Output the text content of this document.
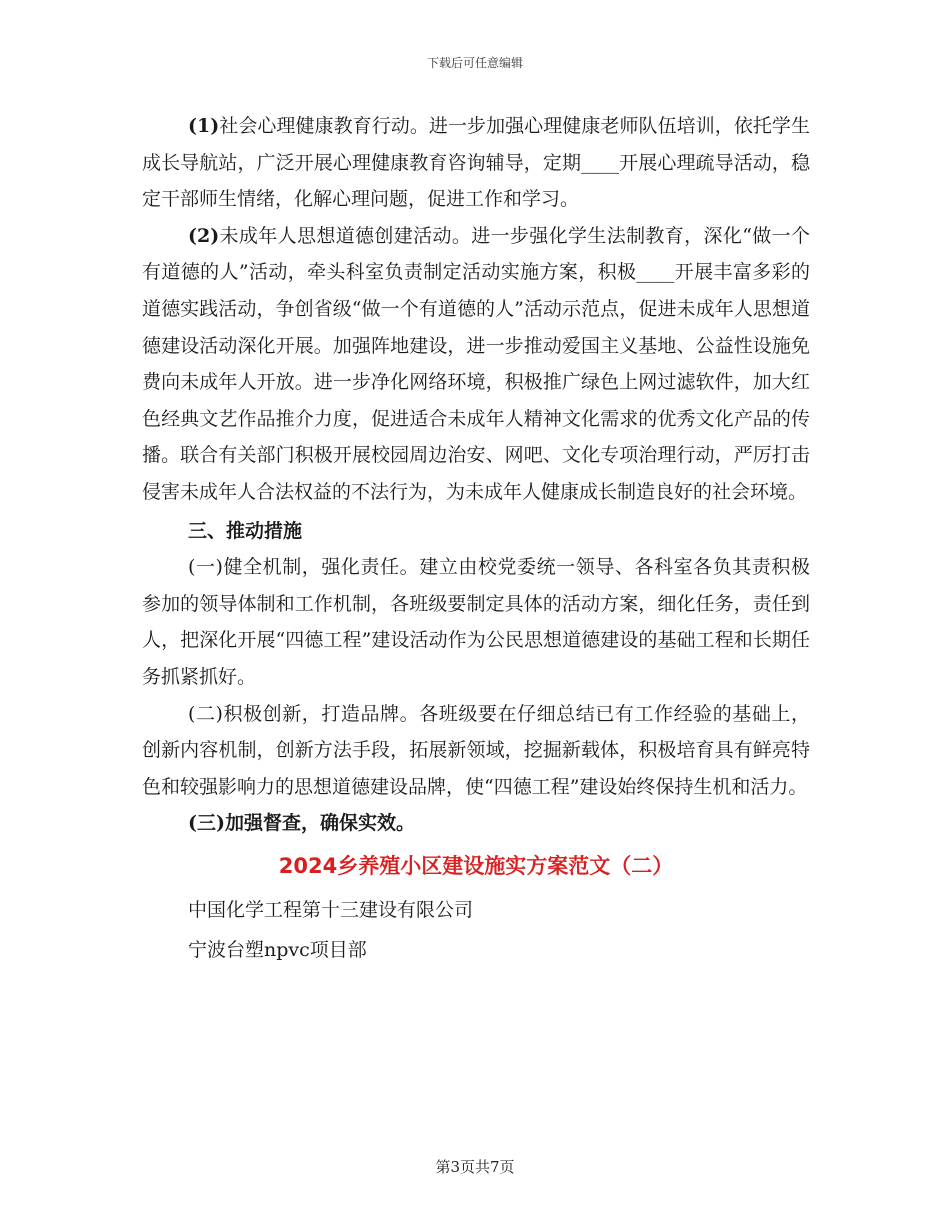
下载后可任意编辑

(1)社会心理健康教育行动。进一步加强心理健康老师队伍培训，依托学生成长导航站，广泛开展心理健康教育咨询辅导，定期____开展心理疏导活动，稳定干部师生情绪，化解心理问题，促进工作和学习。

(2)未成年人思想道德创建活动。进一步强化学生法制教育，深化“做一个有道德的人”活动，牵头科室负责制定活动实施方案，积极____开展丰富多彩的道德实践活动，争创省级“做一个有道德的人”活动示范点，促进未成年人思想道德建设活动深化开展。加强阵地建设，进一步推动爱国主义基地、公益性设施免费向未成年人开放。进一步净化网络环境，积极推广绿色上网过滤软件，加大红色经典文艺作品推介力度，促进适合未成年人精神文化需求的优秀文化产品的传播。联合有关部门积极开展校园周边治安、网吧、文化专项治理行动，严厉打击侵害未成年人合法权益的不法行为，为未成年人健康成长制造良好的社会环境。

三、推动措施

(一)健全机制，强化责任。建立由校党委统一领导、各科室各负其责积极参加的领导体制和工作机制，各班级要制定具体的活动方案，细化任务，责任到人，把深化开展“四德工程”建设活动作为公民思想道德建设的基础工程和长期任务抓紧抓好。

(二)积极创新，打造品牌。各班级要在仔细总结已有工作经验的基础上，创新内容机制，创新方法手段，拓展新领域，挖掘新载体，积极培育具有鲜亮特色和较强影响力的思想道德建设品牌，使“四德工程”建设始终保持生机和活力。

(三)加强督查，确保实效。

2024乡养殖小区建设施实方案范文（二）

中国化学工程第十三建设有限公司

宁波台塑npvc项目部

第3页共7页
